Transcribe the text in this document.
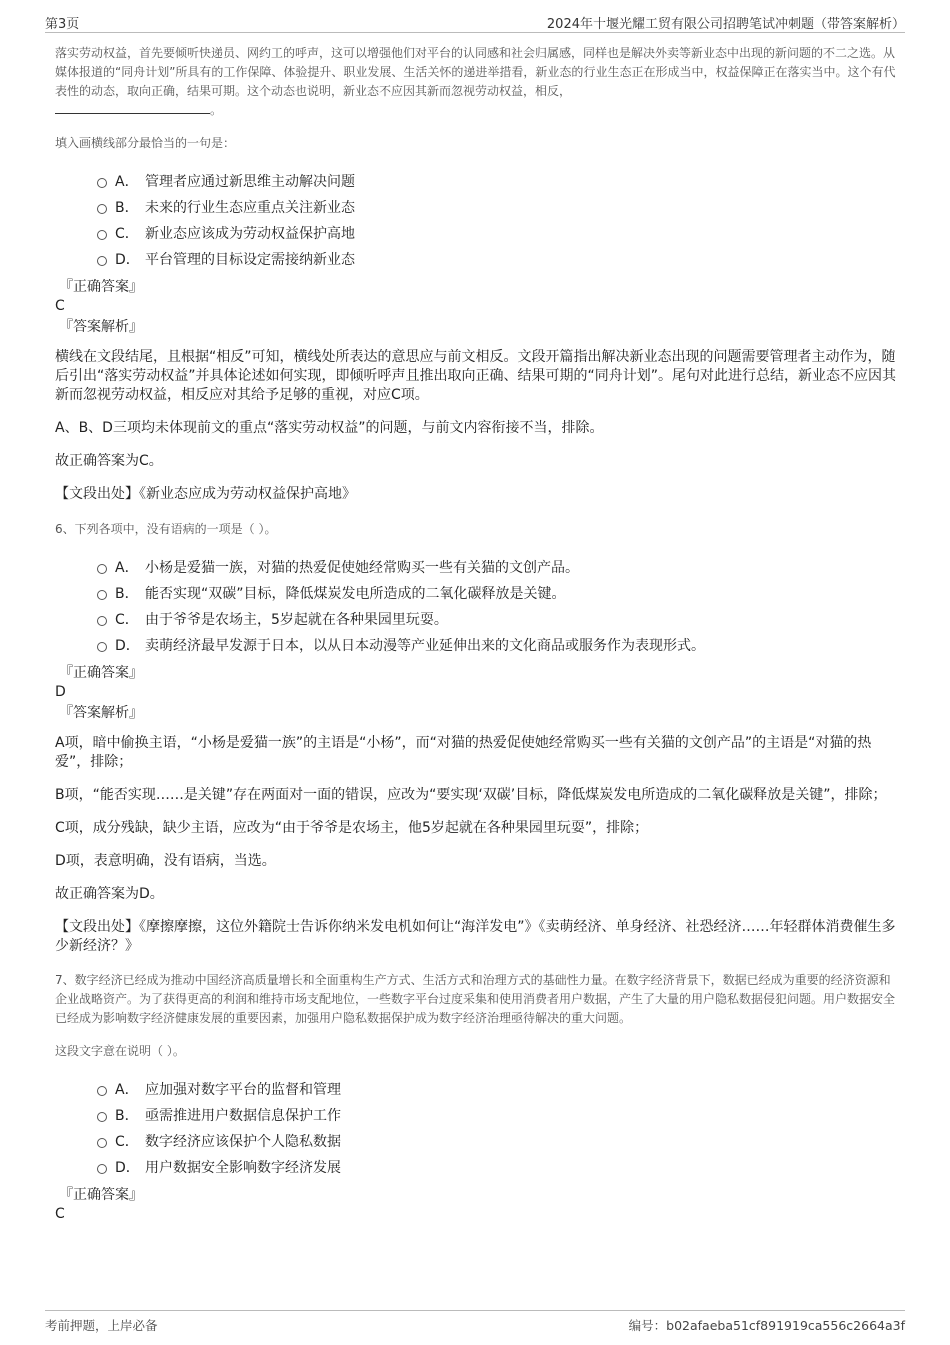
第3页	2024年十堰光耀工贸有限公司招聘笔试冲刺题（带答案解析）

落实劳动权益，首先要倾听快递员、网约工的呼声，这可以增强他们对平台的认同感和社会归属感，同样也是解决外卖等新业态中出现的新问题的不二之选。从媒体报道的“同舟计划”所具有的工作保障、体验提升、职业发展、生活关怀的递进举措看，新业态的行业生态正在形成当中，权益保障正在落实当中。这个有代表性的动态，取向正确，结果可期。这个动态也说明，新业态不应因其新而忽视劳动权益，相反，
。

填入画横线部分最恰当的一句是：

A． 管理者应通过新思维主动解决问题
B． 未来的行业生态应重点关注新业态
C． 新业态应该成为劳动权益保护高地
D． 平台管理的目标设定需接纳新业态
『正确答案』
C
『答案解析』

横线在文段结尾，且根据“相反”可知，横线处所表达的意思应与前文相反。文段开篇指出解决新业态出现的问题需要管理者主动作为，随后引出“落实劳动权益”并具体论述如何实现，即倾听呼声且推出取向正确、结果可期的“同舟计划”。尾句对此进行总结，新业态不应因其新而忽视劳动权益，相反应对其给予足够的重视，对应C项。

A、B、D三项均未体现前文的重点“落实劳动权益”的问题，与前文内容衔接不当，排除。

故正确答案为C。

【文段出处】《新业态应成为劳动权益保护高地》

6、下列各项中，没有语病的一项是（ ）。

A． 小杨是爱猫一族，对猫的热爱促使她经常购买一些有关猫的文创产品。
B． 能否实现“双碳”目标，降低煤炭发电所造成的二氧化碳释放是关键。
C． 由于爷爷是农场主，5岁起就在各种果园里玩耍。
D． 卖萌经济最早发源于日本，以从日本动漫等产业延伸出来的文化商品或服务作为表现形式。
『正确答案』
D
『答案解析』

A项，暗中偷换主语，“小杨是爱猫一族”的主语是“小杨”，而“对猫的热爱促使她经常购买一些有关猫的文创产品”的主语是“对猫的热爱”，排除；

B项，“能否实现……是关键”存在两面对一面的错误，应改为“要实现‘双碳’目标，降低煤炭发电所造成的二氧化碳释放是关键”，排除；

C项，成分残缺，缺少主语，应改为“由于爷爷是农场主，他5岁起就在各种果园里玩耍”，排除；

D项，表意明确，没有语病，当选。

故正确答案为D。

【文段出处】《摩擦摩擦，这位外籍院士告诉你纳米发电机如何让“海洋发电”》《卖萌经济、单身经济、社恐经济……年轻群体消费催生多少新经济？》

7、数字经济已经成为推动中国经济高质量增长和全面重构生产方式、生活方式和治理方式的基础性力量。在数字经济背景下，数据已经成为重要的经济资源和企业战略资产。为了获得更高的利润和维持市场支配地位，一些数字平台过度采集和使用消费者用户数据，产生了大量的用户隐私数据侵犯问题。用户数据安全已经成为影响数字经济健康发展的重要因素，加强用户隐私数据保护成为数字经济治理亟待解决的重大问题。

这段文字意在说明（ ）。

A． 应加强对数字平台的监督和管理
B． 亟需推进用户数据信息保护工作
C． 数字经济应该保护个人隐私数据
D． 用户数据安全影响数字经济发展
『正确答案』
C
考前押题，上岸必备	编号：b02afaeba51cf891919ca556c2664a3f
